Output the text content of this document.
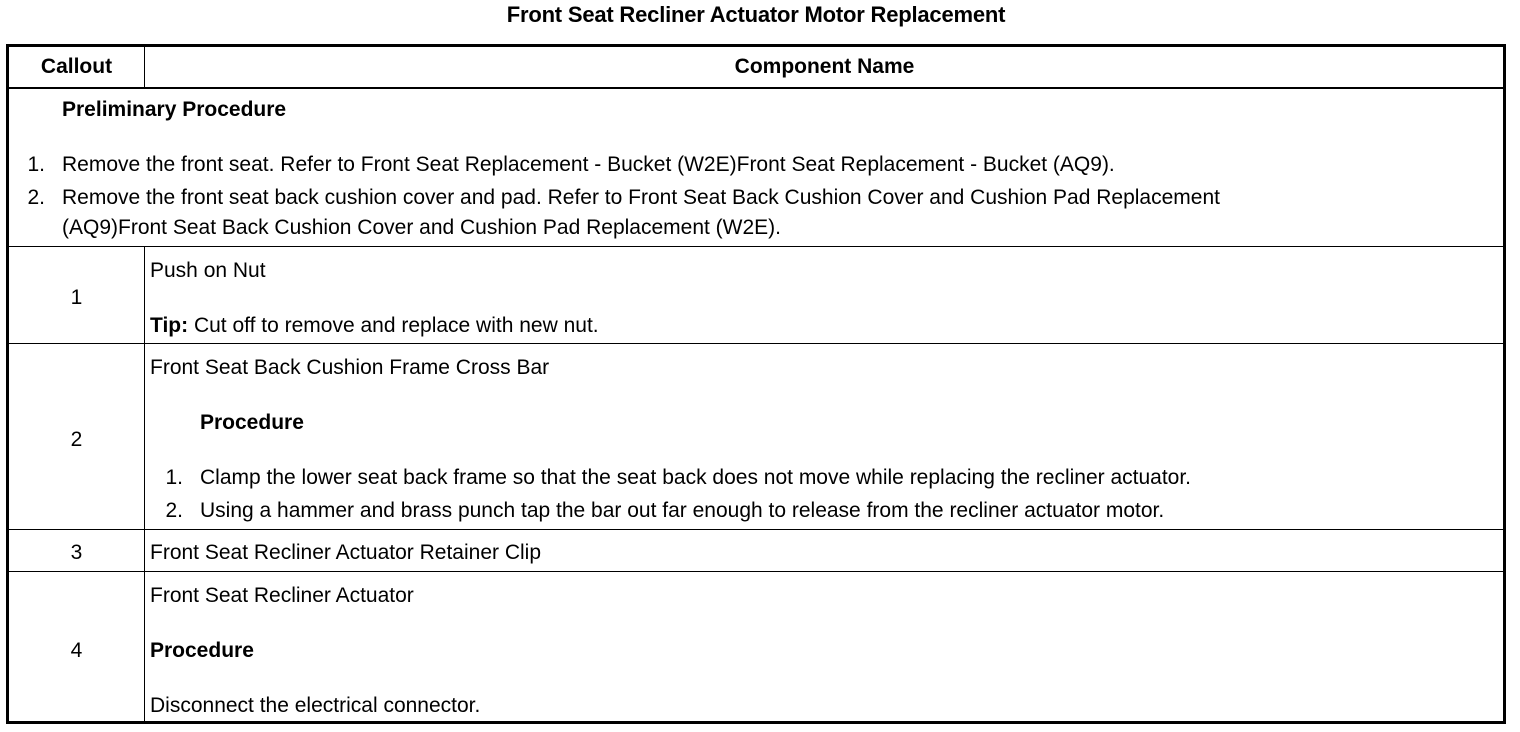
Front Seat Recliner Actuator Motor Replacement
Callout	Component Name
Preliminary Procedure
1. Remove the front seat. Refer to Front Seat Replacement - Bucket (W2E)Front Seat Replacement - Bucket (AQ9).
2. Remove the front seat back cushion cover and pad. Refer to Front Seat Back Cushion Cover and Cushion Pad Replacement
(AQ9)Front Seat Back Cushion Cover and Cushion Pad Replacement (W2E).
1
Push on Nut
Tip: Cut off to remove and replace with new nut.
2
Front Seat Back Cushion Frame Cross Bar
Procedure
1. Clamp the lower seat back frame so that the seat back does not move while replacing the recliner actuator.
2. Using a hammer and brass punch tap the bar out far enough to release from the recliner actuator motor.
3	Front Seat Recliner Actuator Retainer Clip
4
Front Seat Recliner Actuator
Procedure
Disconnect the electrical connector.
